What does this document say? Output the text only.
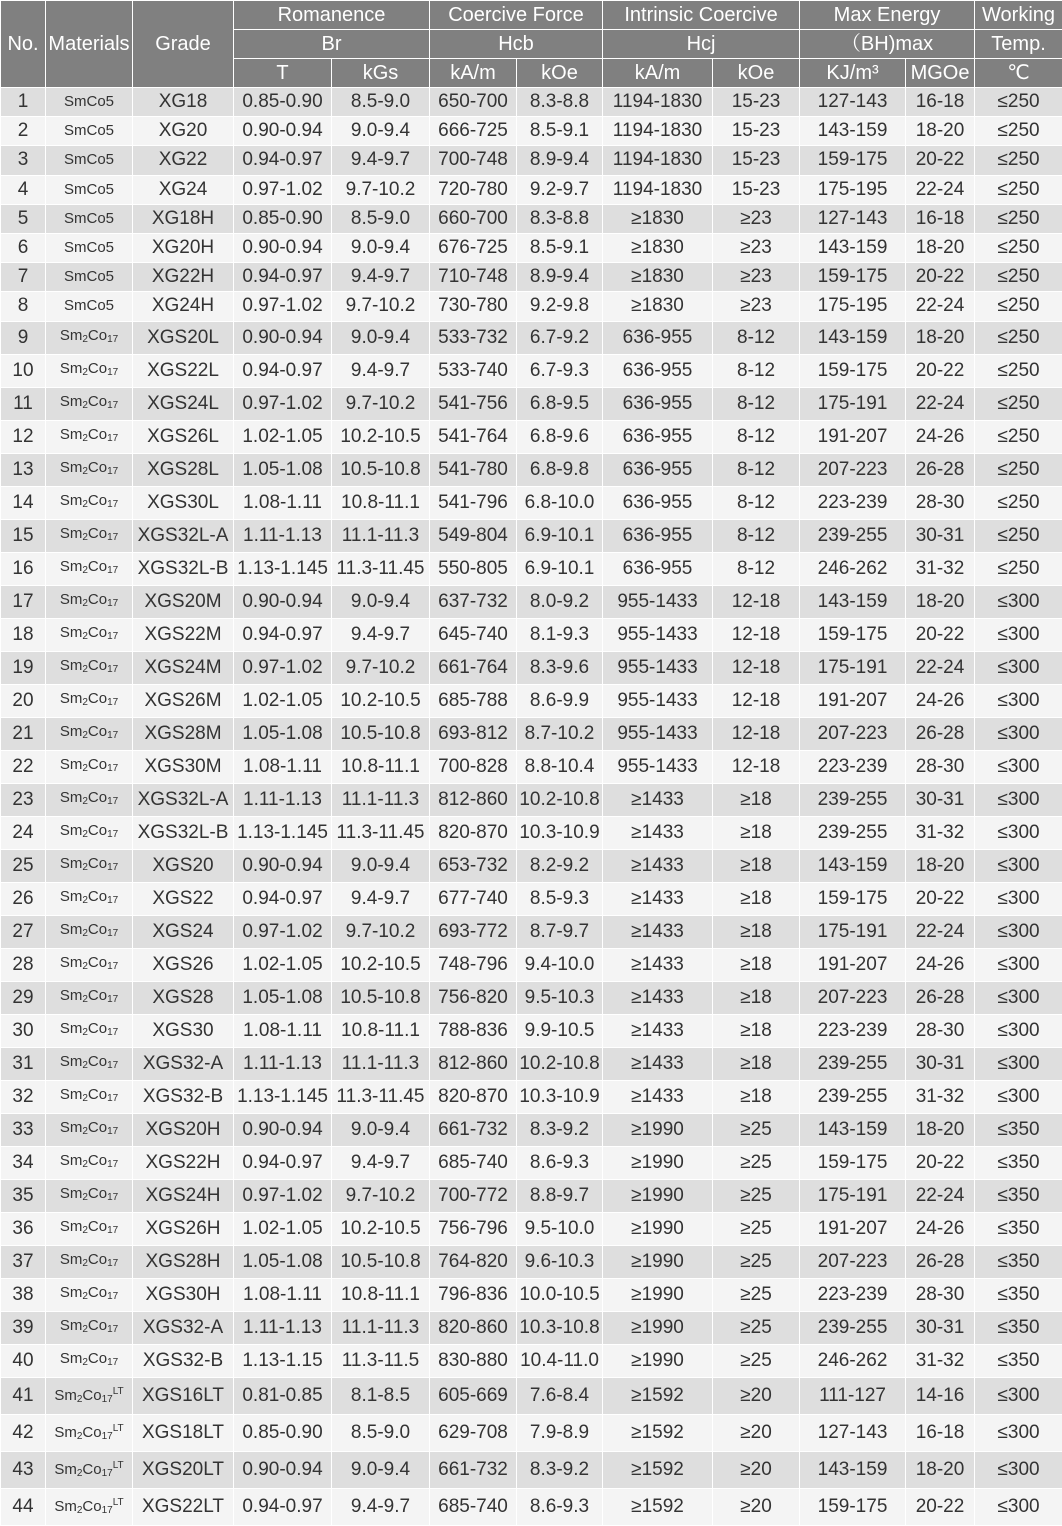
No.	Materials	Grade	Romanence		Coercive Force		Intrinsic Coercive		Max Energy		Working
			Br		Hcb		Hcj		（BH)max		Temp.
			T	kGs	kA/m	kOe	kA/m	kOe	KJ/m³	MGOe	℃
1	SmCo5	XG18	0.85-0.90	8.5-9.0	650-700	8.3-8.8	1194-1830	15-23	127-143	16-18	≤250
2	SmCo5	XG20	0.90-0.94	9.0-9.4	666-725	8.5-9.1	1194-1830	15-23	143-159	18-20	≤250
3	SmCo5	XG22	0.94-0.97	9.4-9.7	700-748	8.9-9.4	1194-1830	15-23	159-175	20-22	≤250
4	SmCo5	XG24	0.97-1.02	9.7-10.2	720-780	9.2-9.7	1194-1830	15-23	175-195	22-24	≤250
5	SmCo5	XG18H	0.85-0.90	8.5-9.0	660-700	8.3-8.8	≥1830	≥23	127-143	16-18	≤250
6	SmCo5	XG20H	0.90-0.94	9.0-9.4	676-725	8.5-9.1	≥1830	≥23	143-159	18-20	≤250
7	SmCo5	XG22H	0.94-0.97	9.4-9.7	710-748	8.9-9.4	≥1830	≥23	159-175	20-22	≤250
8	SmCo5	XG24H	0.97-1.02	9.7-10.2	730-780	9.2-9.8	≥1830	≥23	175-195	22-24	≤250
9	$Sm_2Co_{17}$	XGS20L	0.90-0.94	9.0-9.4	533-732	6.7-9.2	636-955	8-12	143-159	18-20	≤250
10	$Sm_2Co_{17}$	XGS22L	0.94-0.97	9.4-9.7	533-740	6.7-9.3	636-955	8-12	159-175	20-22	≤250
11	$Sm_2Co_{17}$	XGS24L	0.97-1.02	9.7-10.2	541-756	6.8-9.5	636-955	8-12	175-191	22-24	≤250
12	$Sm_2Co_{17}$	XGS26L	1.02-1.05	10.2-10.5	541-764	6.8-9.6	636-955	8-12	191-207	24-26	≤250
13	$Sm_2Co_{17}$	XGS28L	1.05-1.08	10.5-10.8	541-780	6.8-9.8	636-955	8-12	207-223	26-28	≤250
14	$Sm_2Co_{17}$	XGS30L	1.08-1.11	10.8-11.1	541-796	6.8-10.0	636-955	8-12	223-239	28-30	≤250
15	$Sm_2Co_{17}$	XGS32L-A	1.11-1.13	11.1-11.3	549-804	6.9-10.1	636-955	8-12	239-255	30-31	≤250
16	$Sm_2Co_{17}$	XGS32L-B	1.13-1.145	11.3-11.45	550-805	6.9-10.1	636-955	8-12	246-262	31-32	≤250
17	$Sm_2Co_{17}$	XGS20M	0.90-0.94	9.0-9.4	637-732	8.0-9.2	955-1433	12-18	143-159	18-20	≤300
18	$Sm_2Co_{17}$	XGS22M	0.94-0.97	9.4-9.7	645-740	8.1-9.3	955-1433	12-18	159-175	20-22	≤300
19	$Sm_2Co_{17}$	XGS24M	0.97-1.02	9.7-10.2	661-764	8.3-9.6	955-1433	12-18	175-191	22-24	≤300
20	$Sm_2Co_{17}$	XGS26M	1.02-1.05	10.2-10.5	685-788	8.6-9.9	955-1433	12-18	191-207	24-26	≤300
21	$Sm_2Co_{17}$	XGS28M	1.05-1.08	10.5-10.8	693-812	8.7-10.2	955-1433	12-18	207-223	26-28	≤300
22	$Sm_2Co_{17}$	XGS30M	1.08-1.11	10.8-11.1	700-828	8.8-10.4	955-1433	12-18	223-239	28-30	≤300
23	$Sm_2Co_{17}$	XGS32L-A	1.11-1.13	11.1-11.3	812-860	10.2-10.8	≥1433	≥18	239-255	30-31	≤300
24	$Sm_2Co_{17}$	XGS32L-B	1.13-1.145	11.3-11.45	820-870	10.3-10.9	≥1433	≥18	239-255	31-32	≤300
25	$Sm_2Co_{17}$	XGS20	0.90-0.94	9.0-9.4	653-732	8.2-9.2	≥1433	≥18	143-159	18-20	≤300
26	$Sm_2Co_{17}$	XGS22	0.94-0.97	9.4-9.7	677-740	8.5-9.3	≥1433	≥18	159-175	20-22	≤300
27	$Sm_2Co_{17}$	XGS24	0.97-1.02	9.7-10.2	693-772	8.7-9.7	≥1433	≥18	175-191	22-24	≤300
28	$Sm_2Co_{17}$	XGS26	1.02-1.05	10.2-10.5	748-796	9.4-10.0	≥1433	≥18	191-207	24-26	≤300
29	$Sm_2Co_{17}$	XGS28	1.05-1.08	10.5-10.8	756-820	9.5-10.3	≥1433	≥18	207-223	26-28	≤300
30	$Sm_2Co_{17}$	XGS30	1.08-1.11	10.8-11.1	788-836	9.9-10.5	≥1433	≥18	223-239	28-30	≤300
31	$Sm_2Co_{17}$	XGS32-A	1.11-1.13	11.1-11.3	812-860	10.2-10.8	≥1433	≥18	239-255	30-31	≤300
32	$Sm_2Co_{17}$	XGS32-B	1.13-1.145	11.3-11.45	820-870	10.3-10.9	≥1433	≥18	239-255	31-32	≤300
33	$Sm_2Co_{17}$	XGS20H	0.90-0.94	9.0-9.4	661-732	8.3-9.2	≥1990	≥25	143-159	18-20	≤350
34	$Sm_2Co_{17}$	XGS22H	0.94-0.97	9.4-9.7	685-740	8.6-9.3	≥1990	≥25	159-175	20-22	≤350
35	$Sm_2Co_{17}$	XGS24H	0.97-1.02	9.7-10.2	700-772	8.8-9.7	≥1990	≥25	175-191	22-24	≤350
36	$Sm_2Co_{17}$	XGS26H	1.02-1.05	10.2-10.5	756-796	9.5-10.0	≥1990	≥25	191-207	24-26	≤350
37	$Sm_2Co_{17}$	XGS28H	1.05-1.08	10.5-10.8	764-820	9.6-10.3	≥1990	≥25	207-223	26-28	≤350
38	$Sm_2Co_{17}$	XGS30H	1.08-1.11	10.8-11.1	796-836	10.0-10.5	≥1990	≥25	223-239	28-30	≤350
39	$Sm_2Co_{17}$	XGS32-A	1.11-1.13	11.1-11.3	820-860	10.3-10.8	≥1990	≥25	239-255	30-31	≤350
40	$Sm_2Co_{17}$	XGS32-B	1.13-1.15	11.3-11.5	830-880	10.4-11.0	≥1990	≥25	246-262	31-32	≤350
41	$Sm_2Co_{17}^{LT}$	XGS16LT	0.81-0.85	8.1-8.5	605-669	7.6-8.4	≥1592	≥20	111-127	14-16	≤300
42	$Sm_2Co_{17}^{LT}$	XGS18LT	0.85-0.90	8.5-9.0	629-708	7.9-8.9	≥1592	≥20	127-143	16-18	≤300
43	$Sm_2Co_{17}^{LT}$	XGS20LT	0.90-0.94	9.0-9.4	661-732	8.3-9.2	≥1592	≥20	143-159	18-20	≤300
44	$Sm_2Co_{17}^{LT}$	XGS22LT	0.94-0.97	9.4-9.7	685-740	8.6-9.3	≥1592	≥20	159-175	20-22	≤300
